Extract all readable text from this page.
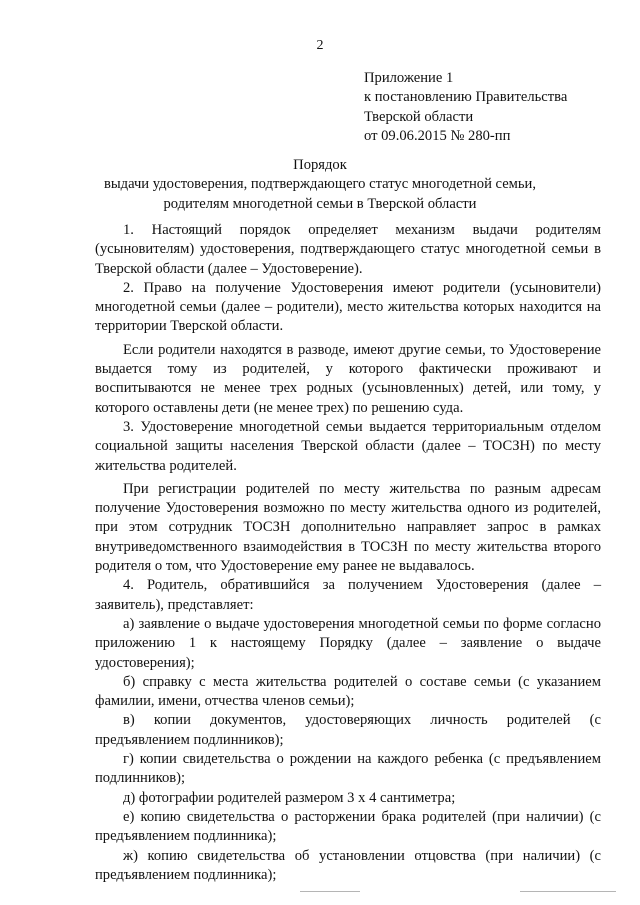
2
Приложение 1
к постановлению Правительства
Тверской области
от 09.06.2015 № 280-пп
Порядок
выдачи удостоверения, подтверждающего статус многодетной семьи,
родителям многодетной семьи в Тверской области

1. Настоящий порядок определяет механизм выдачи родителям (усыновителям) удостоверения, подтверждающего статус многодетной семьи в Тверской области (далее – Удостоверение).

2. Право на получение Удостоверения имеют родители (усыновители) многодетной семьи (далее – родители), место жительства которых находится на территории Тверской области.

Если родители находятся в разводе, имеют другие семьи, то Удостоверение выдается тому из родителей, у которого фактически проживают и воспитываются не менее трех родных (усыновленных) детей, или тому, у которого оставлены дети (не менее трех) по решению суда.

3. Удостоверение многодетной семьи выдается территориальным отделом социальной защиты населения Тверской области (далее – ТОСЗН) по месту жительства родителей.

При регистрации родителей по месту жительства по разным адресам получение Удостоверения возможно по месту жительства одного из родителей, при этом сотрудник ТОСЗН дополнительно направляет запрос в рамках внутриведомственного взаимодействия в ТОСЗН по месту жительства второго родителя о том, что Удостоверение ему ранее не выдавалось.

4. Родитель, обратившийся за получением Удостоверения (далее – заявитель), представляет:

а) заявление о выдаче удостоверения многодетной семьи по форме согласно приложению 1 к настоящему Порядку (далее – заявление о выдаче удостоверения);

б) справку с места жительства родителей о составе семьи (с указанием фамилии, имени, отчества членов семьи);

в) копии документов, удостоверяющих личность родителей (с предъявлением подлинников);

г) копии свидетельства о рождении на каждого ребенка (с предъявлением подлинников);

д) фотографии родителей размером 3 х 4 сантиметра;

е) копию свидетельства о расторжении брака родителей (при наличии) (с предъявлением подлинника);

ж) копию свидетельства об установлении отцовства (при наличии) (с предъявлением подлинника);
